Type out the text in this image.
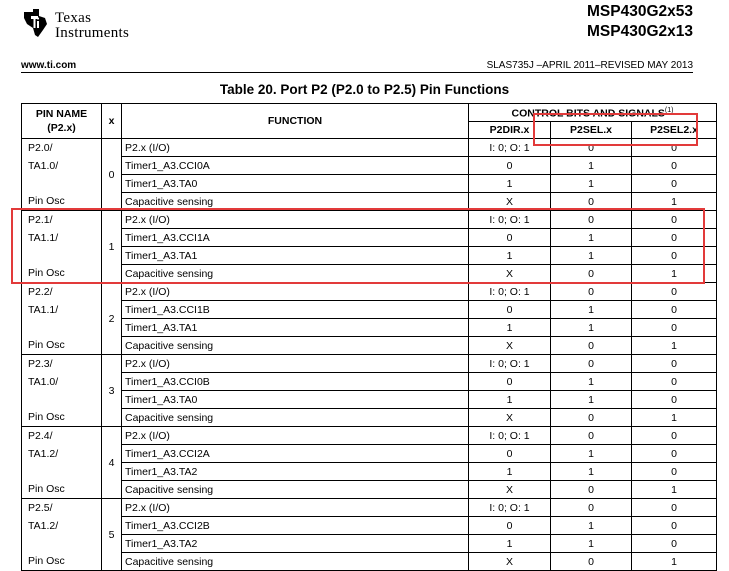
Texas
Instruments
MSP430G2x53
MSP430G2x13
www.ti.com	SLAS735J –APRIL 2011–REVISED MAY 2013
Table 20. Port P2 (P2.0 to P2.5) Pin Functions
PIN NAME
(P2.x)	x	FUNCTION	CONTROL BITS AND SIGNALS$^{(1)}$
			P2DIR.x	P2SEL.x	P2SEL2.x

P2.0/
TA1.0/
Pin Osc	0	P2.x (I/O)	I: 0; O: 1	0	0
		Timer1_A3.CCI0A	0	1	0
		Timer1_A3.TA0	1	1	0
		Capacitive sensing	X	0	1

P2.1/
TA1.1/
Pin Osc	1	P2.x (I/O)	I: 0; O: 1	0	0
		Timer1_A3.CCI1A	0	1	0
		Timer1_A3.TA1	1	1	0
		Capacitive sensing	X	0	1

P2.2/
TA1.1/
Pin Osc	2	P2.x (I/O)	I: 0; O: 1	0	0
		Timer1_A3.CCI1B	0	1	0
		Timer1_A3.TA1	1	1	0
		Capacitive sensing	X	0	1

P2.3/
TA1.0/
Pin Osc	3	P2.x (I/O)	I: 0; O: 1	0	0
		Timer1_A3.CCI0B	0	1	0
		Timer1_A3.TA0	1	1	0
		Capacitive sensing	X	0	1

P2.4/
TA1.2/
Pin Osc	4	P2.x (I/O)	I: 0; O: 1	0	0
		Timer1_A3.CCI2A	0	1	0
		Timer1_A3.TA2	1	1	0
		Capacitive sensing	X	0	1

P2.5/
TA1.2/
Pin Osc	5	P2.x (I/O)	I: 0; O: 1	0	0
		Timer1_A3.CCI2B	0	1	0
		Timer1_A3.TA2	1	1	0
		Capacitive sensing	X	0	1
